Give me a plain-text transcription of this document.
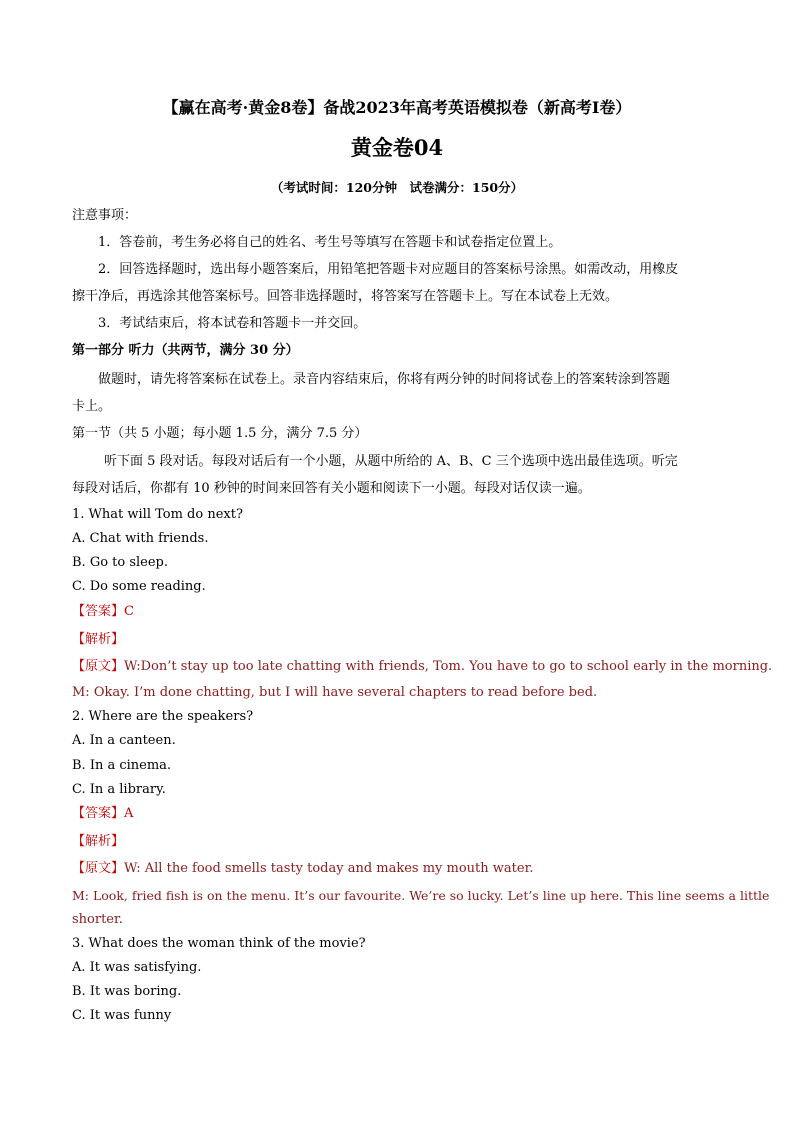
【赢在高考·黄金8卷】备战2023年高考英语模拟卷（新高考I卷）
黄金卷04
（考试时间：120分钟　试卷满分：150分）
注意事项：
1．答卷前，考生务必将自己的姓名、考生号等填写在答题卡和试卷指定位置上。
2．回答选择题时，选出每小题答案后，用铅笔把答题卡对应题目的答案标号涂黑。如需改动，用橡皮
擦干净后，再选涂其他答案标号。回答非选择题时，将答案写在答题卡上。写在本试卷上无效。
3．考试结束后，将本试卷和答题卡一并交回。
第一部分 听力（共两节，满分 30 分）
做题时，请先将答案标在试卷上。录音内容结束后，你将有两分钟的时间将试卷上的答案转涂到答题
卡上。
第一节（共 5 小题；每小题 1.5 分，满分 7.5 分）
听下面 5 段对话。每段对话后有一个小题，从题中所给的 A、B、C 三个选项中选出最佳选项。听完
每段对话后，你都有 10 秒钟的时间来回答有关小题和阅读下一小题。每段对话仅读一遍。
1. What will Tom do next?
A. Chat with friends.
B. Go to sleep.
C. Do some reading.
【答案】C
【解析】
【原文】W:Don’t stay up too late chatting with friends, Tom. You have to go to school early in the morning.
M: Okay. I’m done chatting, but I will have several chapters to read before bed.
2. Where are the speakers?
A. In a canteen.
B. In a cinema.
C. In a library.
【答案】A
【解析】
【原文】W: All the food smells tasty today and makes my mouth water.
M: Look, fried fish is on the menu. It’s our favourite. We’re so lucky. Let’s line up here. This line seems a little
shorter.
3. What does the woman think of the movie?
A. It was satisfying.
B. It was boring.
C. It was funny
